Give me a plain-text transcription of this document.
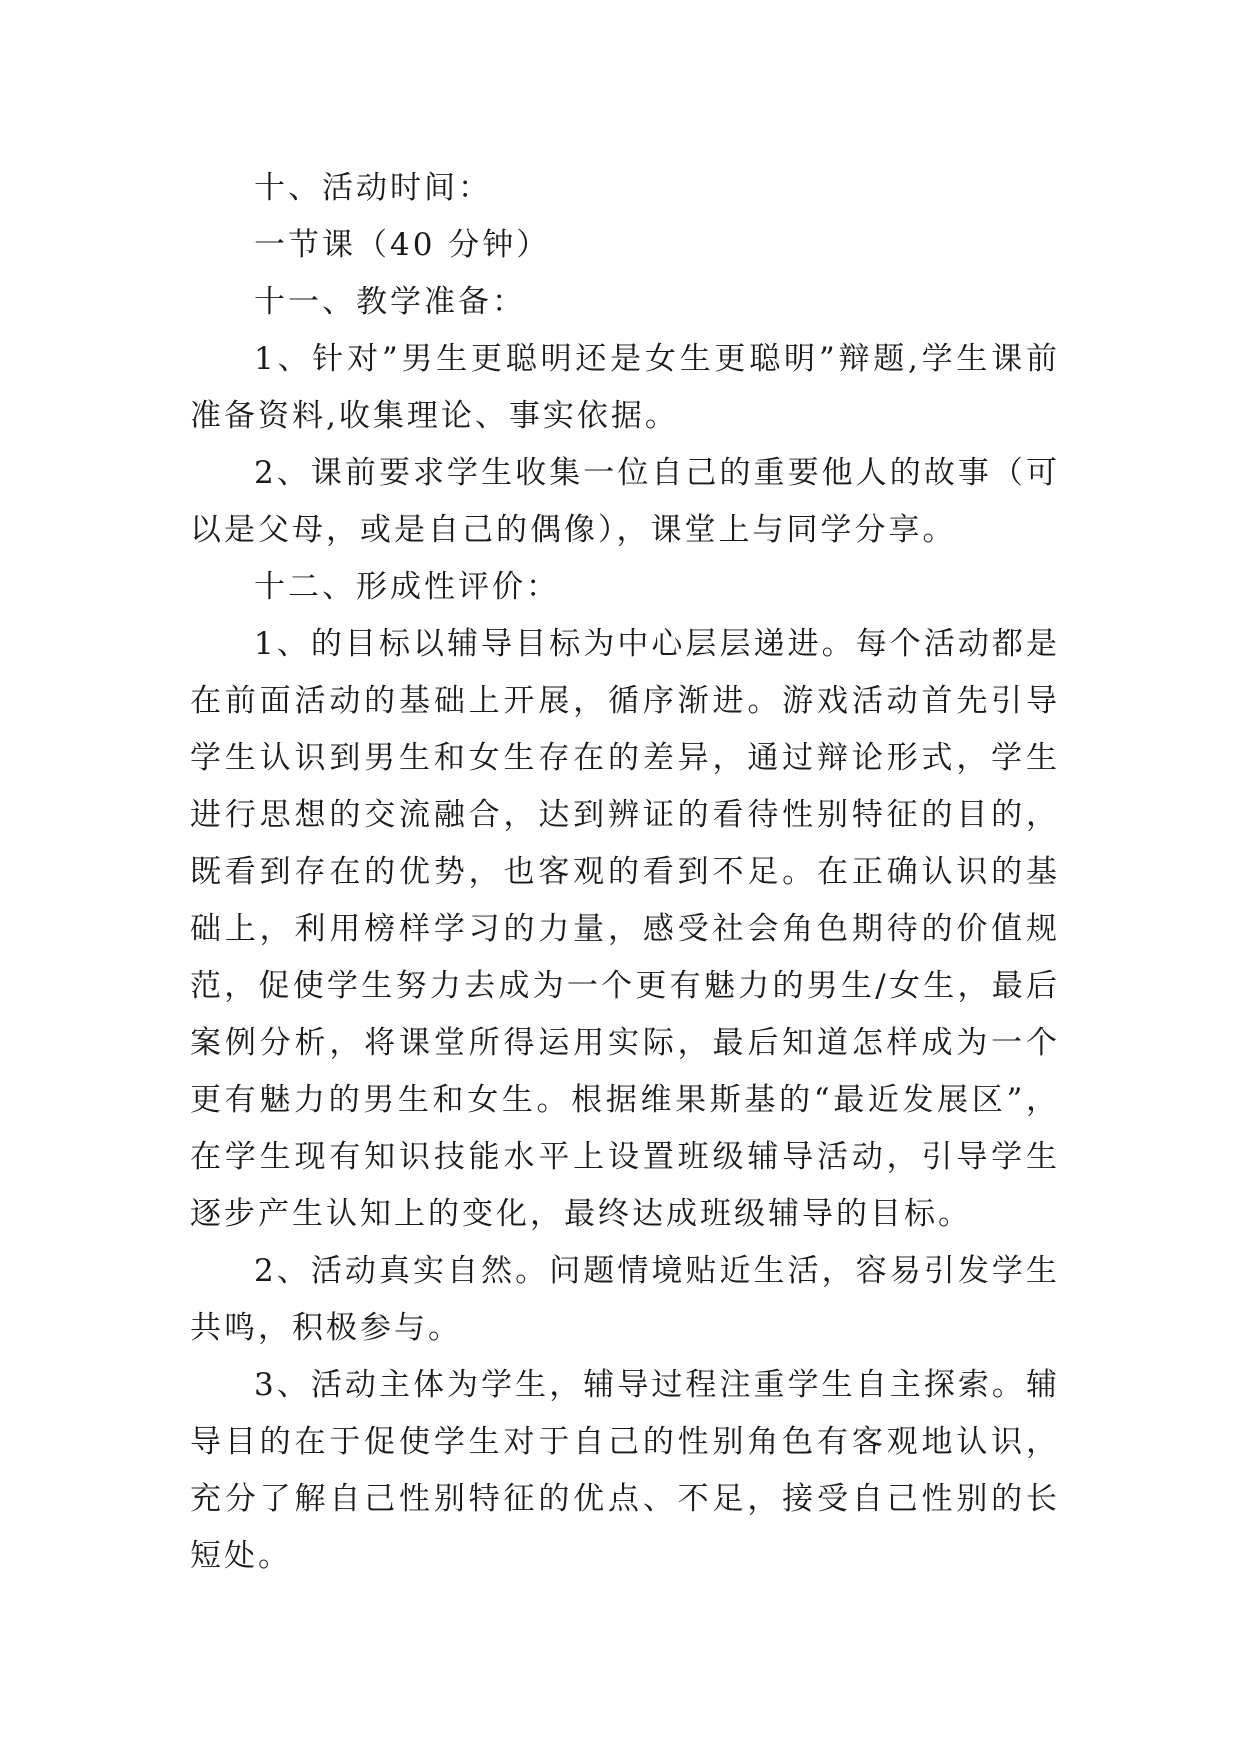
十、活动时间：

一节课（40 分钟）

十一、教学准备：

1、针对”男生更聪明还是女生更聪明”辩题,学生课前准备资料,收集理论、事实依据。

2、课前要求学生收集一位自己的重要他人的故事（可以是父母，或是自己的偶像），课堂上与同学分享。

十二、形成性评价：

1、的目标以辅导目标为中心层层递进。每个活动都是在前面活动的基础上开展，循序渐进。游戏活动首先引导学生认识到男生和女生存在的差异，通过辩论形式，学生进行思想的交流融合，达到辨证的看待性别特征的目的，既看到存在的优势，也客观的看到不足。在正确认识的基础上，利用榜样学习的力量，感受社会角色期待的价值规范，促使学生努力去成为一个更有魅力的男生/女生，最后案例分析，将课堂所得运用实际，最后知道怎样成为一个更有魅力的男生和女生。根据维果斯基的“最近发展区”，在学生现有知识技能水平上设置班级辅导活动，引导学生逐步产生认知上的变化，最终达成班级辅导的目标。

2、活动真实自然。问题情境贴近生活，容易引发学生共鸣，积极参与。

3、活动主体为学生，辅导过程注重学生自主探索。辅导目的在于促使学生对于自己的性别角色有客观地认识，充分了解自己性别特征的优点、不足，接受自己性别的长短处。
